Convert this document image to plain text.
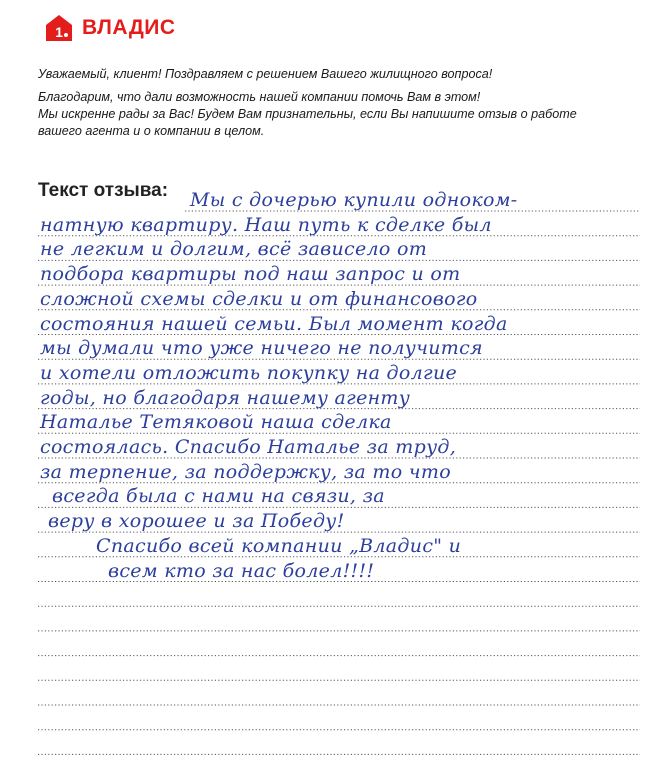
1 ВЛАДИС

Уважаемый, клиент! Поздравляем с решением Вашего жилищного вопроса!

Благодарим, что дали возможность нашей компании помочь Вам в этом!

Мы искренне рады за Вас! Будем Вам признательны, если Вы напишите отзыв о работе

вашего агента и о компании в целом.

Текст отзыва: Мы с дочерью купили одноком-
натную квартиру. Наш путь к сделке был
не легким и долгим, всё зависело от
подбора квартиры под наш запрос и от
сложной схемы сделки и от финансового
состояния нашей семьи. Был момент когда
мы думали что уже ничего не получится
и хотели отложить покупку на долгие
годы, но благодаря нашему агенту
Наталье Тетяковой наша сделка
состоялась. Спасибо Наталье за труд,
за терпение, за поддержку, за то что
всегда была с нами на связи, за
веру в хорошее и за Победу!
Спасибо всей компании „Владис" и
всем кто за нас болел!!!!
